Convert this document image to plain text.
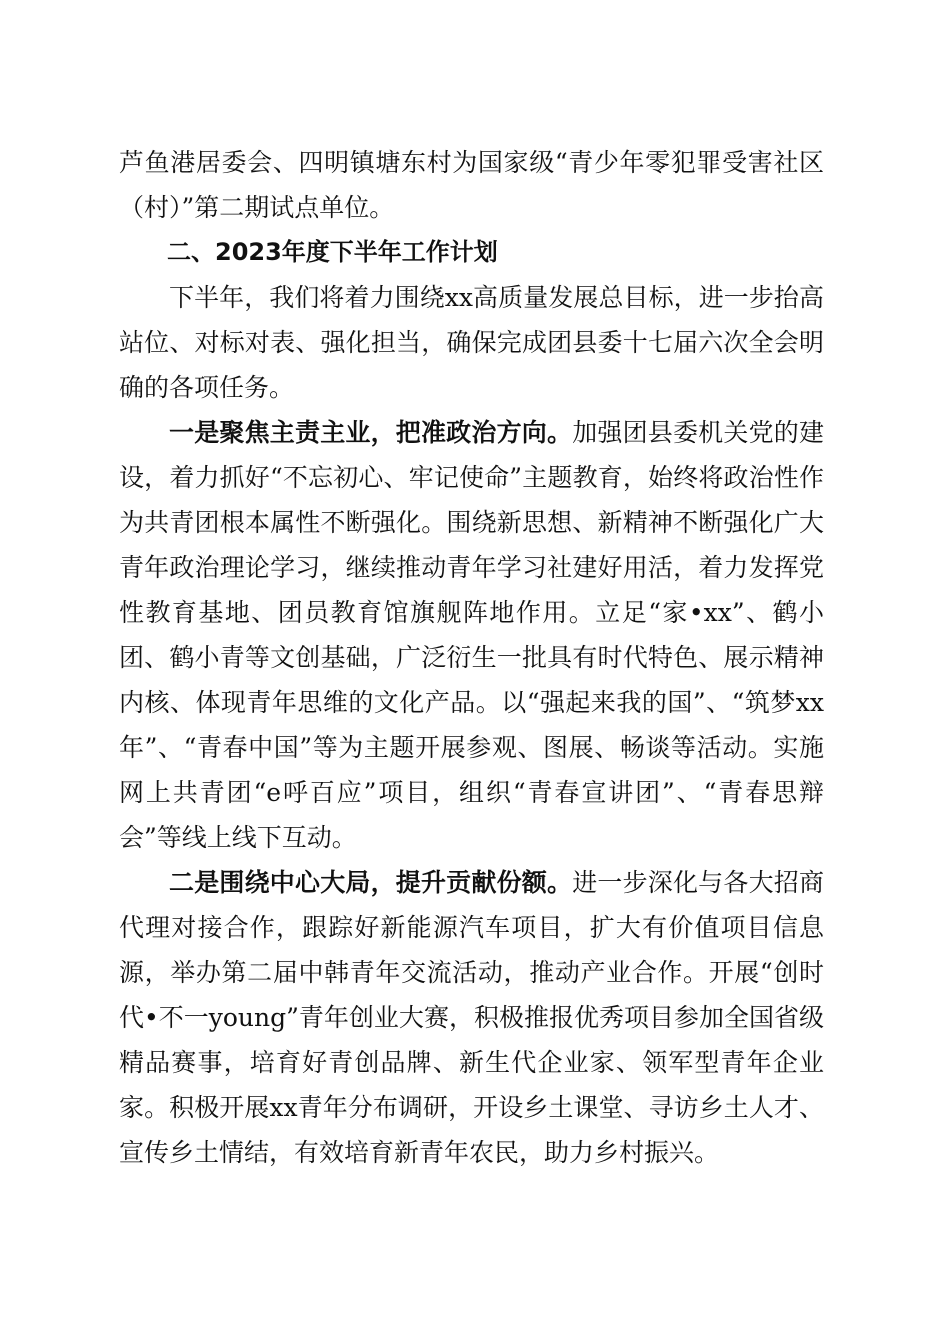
芦鱼港居委会、四明镇塘东村为国家级“青少年零犯罪受害社区（村）”第二期试点单位。

二、2023年度下半年工作计划

下半年，我们将着力围绕xx高质量发展总目标，进一步抬高站位、对标对表、强化担当，确保完成团县委十七届六次全会明确的各项任务。

一是聚焦主责主业，把准政治方向。加强团县委机关党的建设，着力抓好“不忘初心、牢记使命”主题教育，始终将政治性作为共青团根本属性不断强化。围绕新思想、新精神不断强化广大青年政治理论学习，继续推动青年学习社建好用活，着力发挥党性教育基地、团员教育馆旗舰阵地作用。立足“家•xx”、鹤小团、鹤小青等文创基础，广泛衍生一批具有时代特色、展示精神内核、体现青年思维的文化产品。以“强起来我的国”、“筑梦xx年”、“青春中国”等为主题开展参观、图展、畅谈等活动。实施网上共青团“e呼百应”项目，组织“青春宣讲团”、“青春思辩会”等线上线下互动。

二是围绕中心大局，提升贡献份额。进一步深化与各大招商代理对接合作，跟踪好新能源汽车项目，扩大有价值项目信息源，举办第二届中韩青年交流活动，推动产业合作。开展“创时代•不一young”青年创业大赛，积极推报优秀项目参加全国省级精品赛事，培育好青创品牌、新生代企业家、领军型青年企业家。积极开展xx青年分布调研，开设乡土课堂、寻访乡土人才、宣传乡土情结，有效培育新青年农民，助力乡村振兴。
